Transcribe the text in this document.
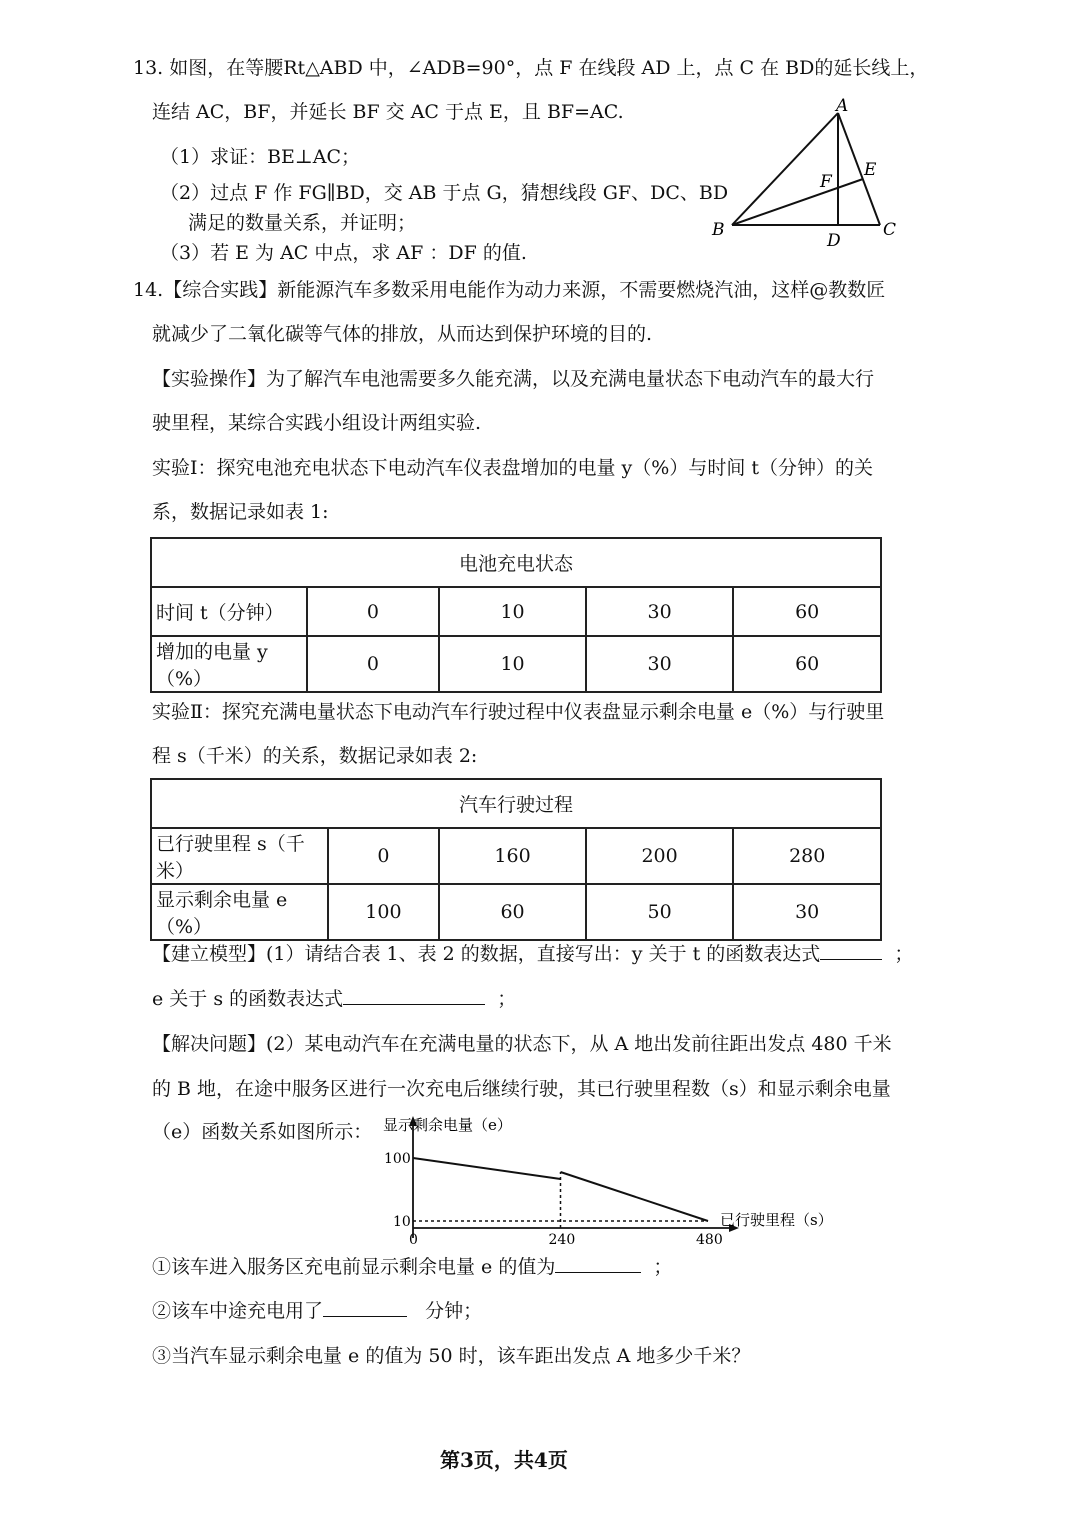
13. 如图，在等腰Rt△ABD 中，∠ADB=90°，点 F 在线段 AD 上，点 C 在 BD的延长线上，
连结 AC，BF，并延长 BF 交 AC 于点 E，且 BF=AC.
（1）求证：BE⊥AC；
（2）过点 F 作 FG∥BD，交 AB 于点 G，猜想线段 GF、DC、BD
满足的数量关系，并证明；
（3）若 E 为 AC 中点，求 AF ：DF 的值.
A
B	C
D
E
F
14.【综合实践】新能源汽车多数采用电能作为动力来源，不需要燃烧汽油，这样@教数匠
就减少了二氧化碳等气体的排放，从而达到保护环境的目的.
【实验操作】为了解汽车电池需要多久能充满，以及充满电量状态下电动汽车的最大行
驶里程，某综合实践小组设计两组实验.
实验Ⅰ：探究电池充电状态下电动汽车仪表盘增加的电量 y（%）与时间 t（分钟）的关
系，数据记录如表 1:
电池充电状态				
时间 t（分钟）	0	10	30	60
增加的电量 y（%）	0	10	30	60
实验Ⅱ：探究充满电量状态下电动汽车行驶过程中仪表盘显示剩余电量 e（%）与行驶里
程 s（千米）的关系，数据记录如表 2:
汽车行驶过程				
已行驶里程 s（千米）	0	160	200	280
显示剩余电量 e（%）	100	60	50	30
【建立模型】(1）请结合表 1、表 2 的数据，直接写出：y 关于 t 的函数表达式	；
e 关于 s 的函数表达式	；
【解决问题】(2）某电动汽车在充满电量的状态下，从 A 地出发前往距出发点 480 千米
的 B 地，在途中服务区进行一次充电后继续行驶，其已行驶里程数（s）和显示剩余电量
（e）函数关系如图所示： 显示剩余电量（e）
已行驶里程（s）
0	240	480
10
100
①该车进入服务区充电前显示剩余电量 e 的值为	；
②该车中途充电用了	分钟；
③当汽车显示剩余电量 e 的值为 50 时，该车距出发点 A 地多少千米？
第3页，共4页
